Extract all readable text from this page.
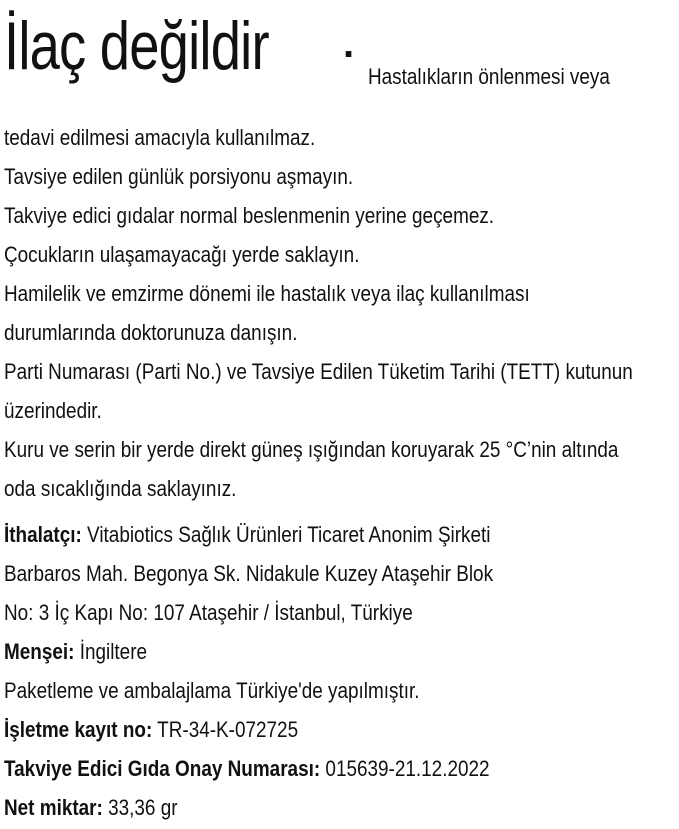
İlaç değildir	.
Hastalıkların önlenmesi veya
tedavi edilmesi amacıyla kullanılmaz.
Tavsiye edilen günlük porsiyonu aşmayın.
Takviye edici gıdalar normal beslenmenin yerine geçemez.
Çocukların ulaşamayacağı yerde saklayın.
Hamilelik ve emzirme dönemi ile hastalık veya ilaç kullanılması
durumlarında doktorunuza danışın.
Parti Numarası (Parti No.) ve Tavsiye Edilen Tüketim Tarihi (TETT) kutunun
üzerindedir.
Kuru ve serin bir yerde direkt güneş ışığından koruyarak 25 °C’nin altında
oda sıcaklığında saklayınız.
İthalatçı: Vitabiotics Sağlık Ürünleri Ticaret Anonim Şirketi
Barbaros Mah. Begonya Sk. Nidakule Kuzey Ataşehir Blok
No: 3 İç Kapı No: 107 Ataşehir / İstanbul, Türkiye
Menşei: İngiltere
Paketleme ve ambalajlama Türkiye'de yapılmıştır.
İşletme kayıt no: TR-34-K-072725
Takviye Edici Gıda Onay Numarası: 015639-21.12.2022
Net miktar: 33,36 gr
